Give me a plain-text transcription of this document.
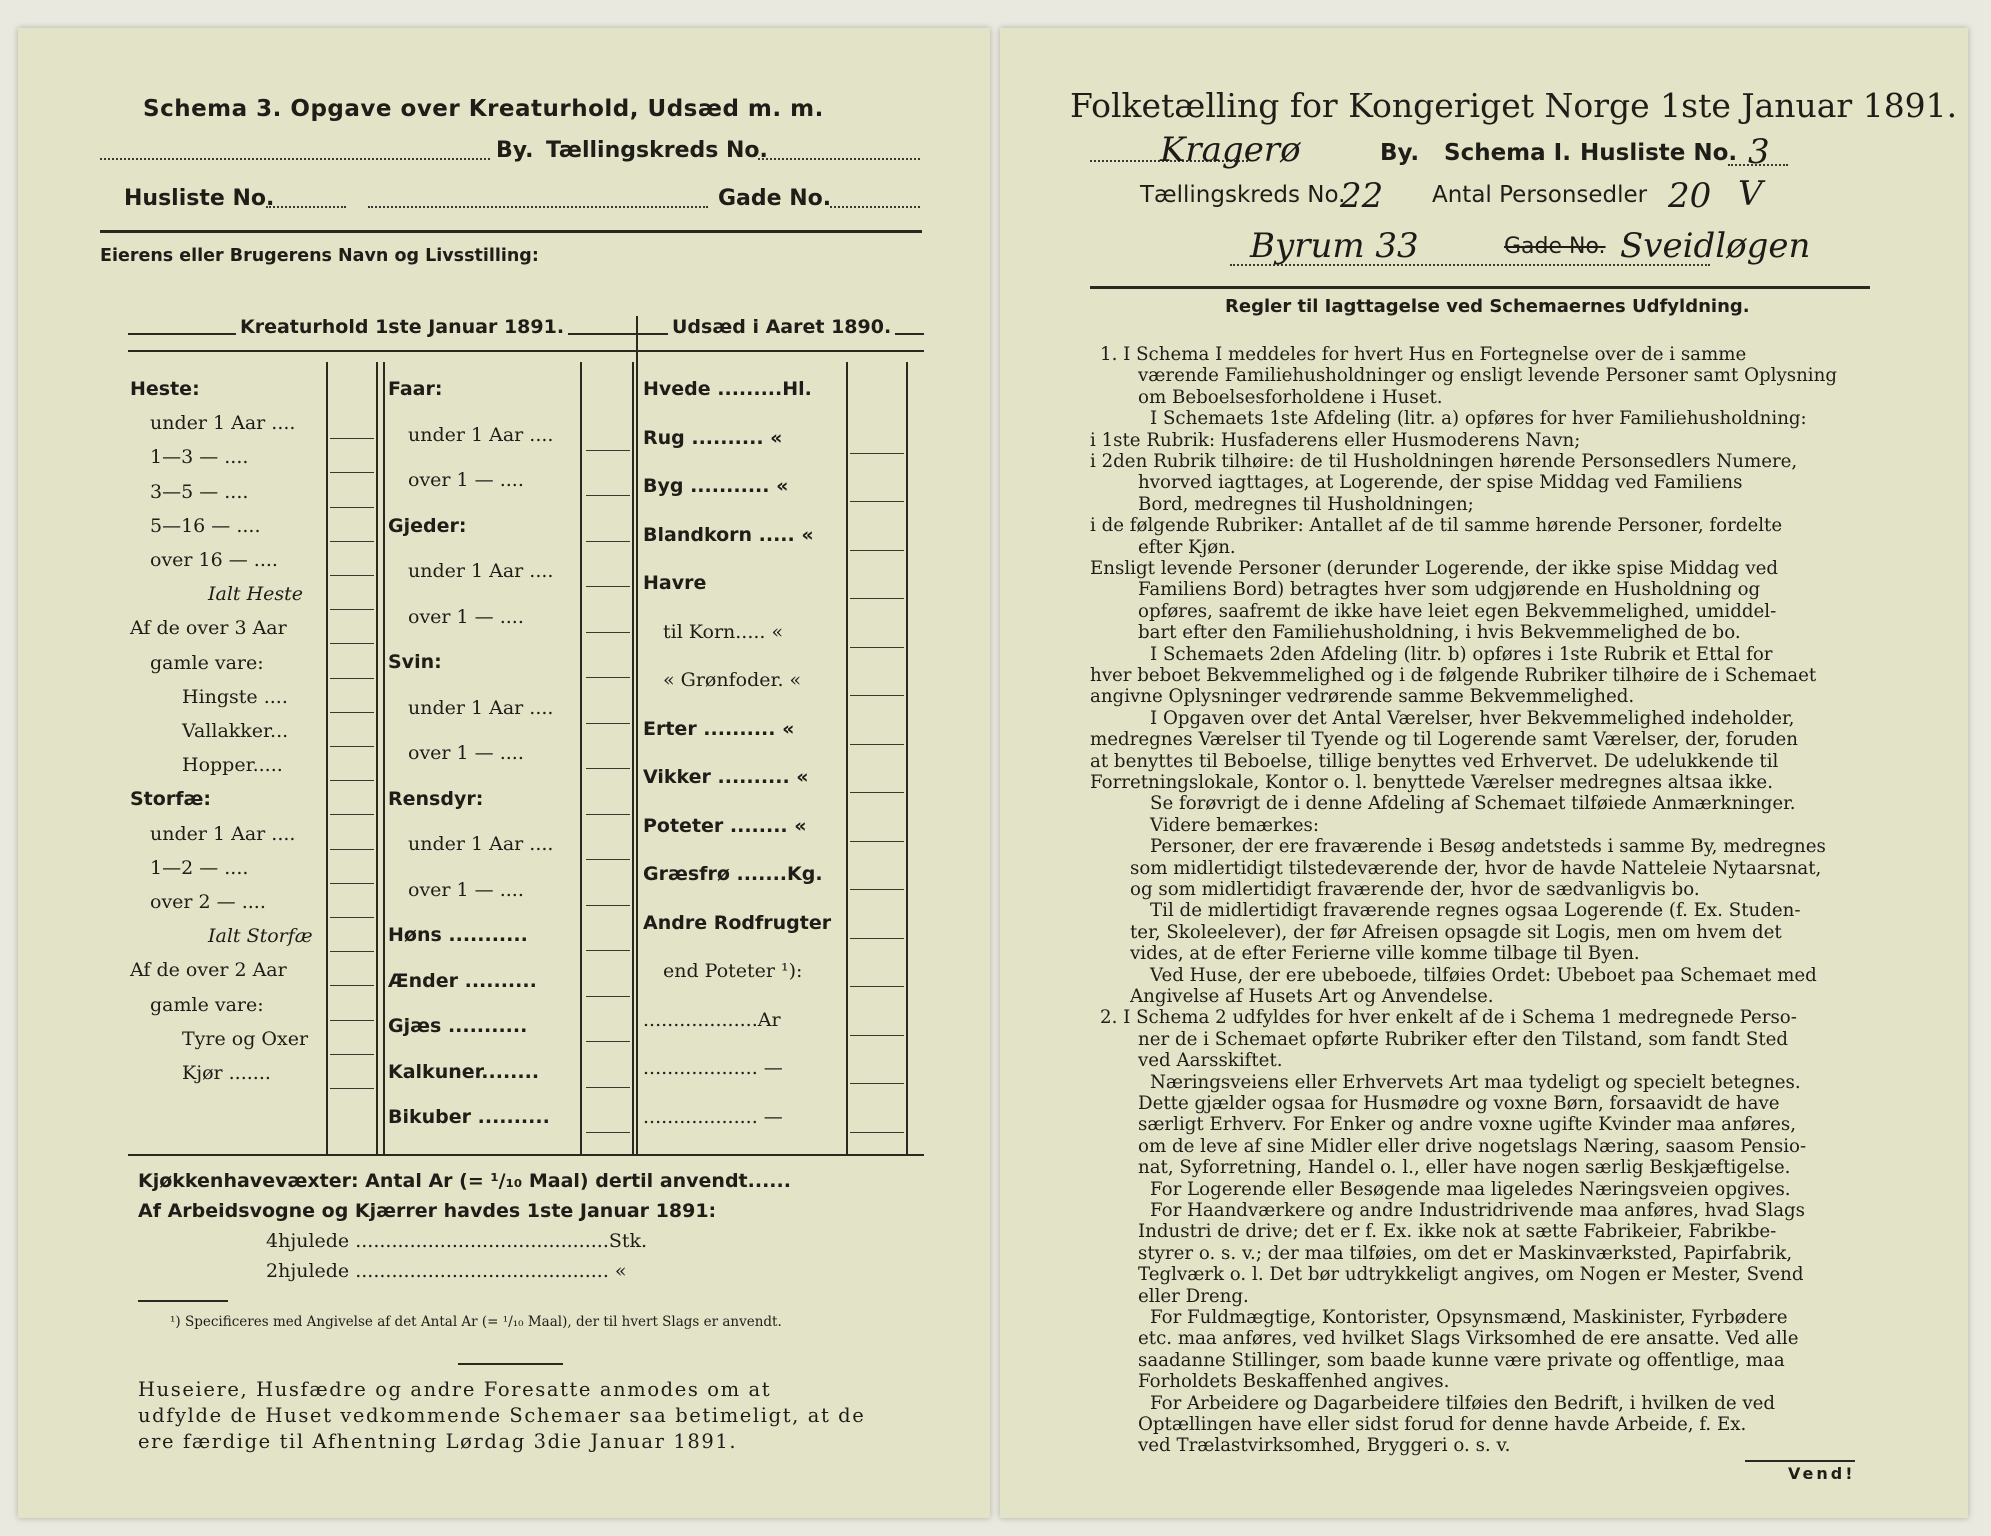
Schema 3. Opgave over Kreaturhold, Udsæd m. m.
By. Tællingskreds No.
Husliste No.	Gade No.
Eierens eller Brugerens Navn og Livsstilling:
Kreaturhold 1ste Januar 1891.	Udsæd i Aaret 1890.
Heste:
under 1 Aar ....
1—3 — ....
3—5 — ....
5—16 — ....
over 16 — ....
Ialt Heste
Af de over 3 Aar
gamle vare:
Hingste ....
Vallakker...
Hopper.....
Storfæ:
under 1 Aar ....
1—2 — ....
over 2 — ....
Ialt Storfæ
Af de over 2 Aar
gamle vare:
Tyre og Oxer
Kjør .......
Faar:
under 1 Aar ....
over 1 — ....
Gjeder:
under 1 Aar ....
over 1 — ....
Svin:
under 1 Aar ....
over 1 — ....
Rensdyr:
under 1 Aar ....
over 1 — ....
Høns ...........
Ænder ..........
Gjæs ...........
Kalkuner........
Bikuber ..........
Hvede .........Hl.
Rug .......... «
Byg ........... «
Blandkorn ..... «
Havre
til Korn..... «
« Grønfoder. «
Erter .......... «
Vikker .......... «
Poteter ........ «
Græsfrø .......Kg.
Andre Rodfrugter
end Poteter ¹):
...................Ar
................... —
................... —
Kjøkkenhavevæxter: Antal Ar (= ¹/₁₀ Maal) dertil anvendt......
Af Arbeidsvogne og Kjærrer havdes 1ste Januar 1891:
4hjulede ..........................................Stk.
2hjulede .......................................... «
¹) Specificeres med Angivelse af det Antal Ar (= ¹/₁₀ Maal), der til hvert Slags er anvendt.
Huseiere, Husfædre og andre Foresatte anmodes om at
udfylde de Huset vedkommende Schemaer saa betimeligt, at de
ere færdige til Afhentning Lørdag 3die Januar 1891.
Folketælling for Kongeriget Norge 1ste Januar 1891.
Kragerø	By. Schema I. Husliste No. 3
Tællingskreds No.
22 Antal Personsedler 20 V
Byrum 33	Gade No. Sveidløgen
Regler til Iagttagelse ved Schemaernes Udfyldning.
1. I Schema I meddeles for hvert Hus en Fortegnelse over de i samme
værende Familiehusholdninger og ensligt levende Personer samt Oplysning
om Beboelsesforholdene i Huset.
I Schemaets 1ste Afdeling (litr. a) opføres for hver Familiehusholdning:
i 1ste Rubrik: Husfaderens eller Husmoderens Navn;
i 2den Rubrik tilhøire: de til Husholdningen hørende Personsedlers Numere,
hvorved iagttages, at Logerende, der spise Middag ved Familiens
Bord, medregnes til Husholdningen;
i de følgende Rubriker: Antallet af de til samme hørende Personer, fordelte
efter Kjøn.
Ensligt levende Personer (derunder Logerende, der ikke spise Middag ved
Familiens Bord) betragtes hver som udgjørende en Husholdning og
opføres, saafremt de ikke have leiet egen Bekvemmelighed, umiddel-
bart efter den Familiehusholdning, i hvis Bekvemmelighed de bo.
I Schemaets 2den Afdeling (litr. b) opføres i 1ste Rubrik et Ettal for
hver beboet Bekvemmelighed og i de følgende Rubriker tilhøire de i Schemaet
angivne Oplysninger vedrørende samme Bekvemmelighed.
I Opgaven over det Antal Værelser, hver Bekvemmelighed indeholder,
medregnes Værelser til Tyende og til Logerende samt Værelser, der, foruden
at benyttes til Beboelse, tillige benyttes ved Erhvervet. De udelukkende til
Forretningslokale, Kontor o. l. benyttede Værelser medregnes altsaa ikke.
Se forøvrigt de i denne Afdeling af Schemaet tilføiede Anmærkninger.
Videre bemærkes:
Personer, der ere fraværende i Besøg andetsteds i samme By, medregnes
som midlertidigt tilstedeværende der, hvor de havde Natteleie Nytaarsnat,
og som midlertidigt fraværende der, hvor de sædvanligvis bo.
Til de midlertidigt fraværende regnes ogsaa Logerende (f. Ex. Studen-
ter, Skoleelever), der før Afreisen opsagde sit Logis, men om hvem det
vides, at de efter Ferierne ville komme tilbage til Byen.
Ved Huse, der ere ubeboede, tilføies Ordet: Ubeboet paa Schemaet med
Angivelse af Husets Art og Anvendelse.
2. I Schema 2 udfyldes for hver enkelt af de i Schema 1 medregnede Perso-
ner de i Schemaet opførte Rubriker efter den Tilstand, som fandt Sted
ved Aarsskiftet.
Næringsveiens eller Erhvervets Art maa tydeligt og specielt betegnes.
Dette gjælder ogsaa for Husmødre og voxne Børn, forsaavidt de have
særligt Erhverv. For Enker og andre voxne ugifte Kvinder maa anføres,
om de leve af sine Midler eller drive nogetslags Næring, saasom Pensio-
nat, Syforretning, Handel o. l., eller have nogen særlig Beskjæftigelse.
For Logerende eller Besøgende maa ligeledes Næringsveien opgives.
For Haandværkere og andre Industridrivende maa anføres, hvad Slags
Industri de drive; det er f. Ex. ikke nok at sætte Fabrikeier, Fabrikbe-
styrer o. s. v.; der maa tilføies, om det er Maskinværksted, Papirfabrik,
Teglværk o. l. Det bør udtrykkeligt angives, om Nogen er Mester, Svend
eller Dreng.
For Fuldmægtige, Kontorister, Opsynsmænd, Maskinister, Fyrbødere
etc. maa anføres, ved hvilket Slags Virksomhed de ere ansatte. Ved alle
saadanne Stillinger, som baade kunne være private og offentlige, maa
Forholdets Beskaffenhed angives.
For Arbeidere og Dagarbeidere tilføies den Bedrift, i hvilken de ved
Optællingen have eller sidst forud for denne havde Arbeide, f. Ex.
ved Trælastvirksomhed, Bryggeri o. s. v.
Vend!
